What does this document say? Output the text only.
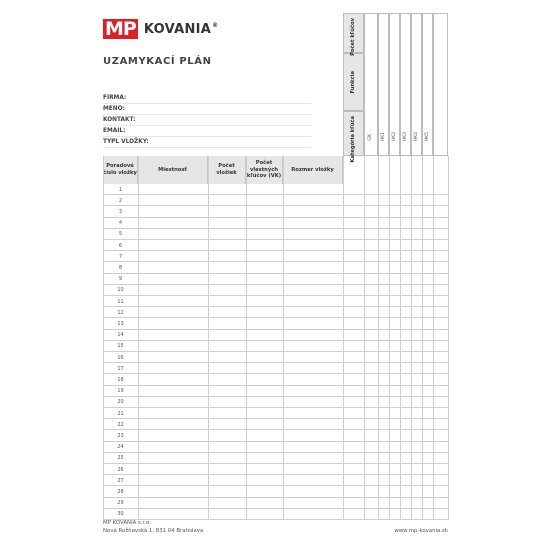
MP KOVANIA®
UZAMYKACÍ PLÁN
FIRMA:
MENO:
KONTAKT:
EMAIL:
TYPL VLOŽKY:
Počet kľúčov
Funkcia
Kategória kľúča	GK HK1 HK2 HK3 HK4 HK5
Poradové číslo vložky
Miestnosť
Počet vložiek
Počet vlastných kľúčov (VK)
Rozmer vložky
1
2
3
4
5
6
7
8
9
10
11
12
13
14
15
16
17
18
19
20
21
22
23
24
25
26
27
28
29
30
MP KOVANIA s.r.o.
Nová Rožňavská 1, 831 04 Bratislava	www.mp-kovania.sk
